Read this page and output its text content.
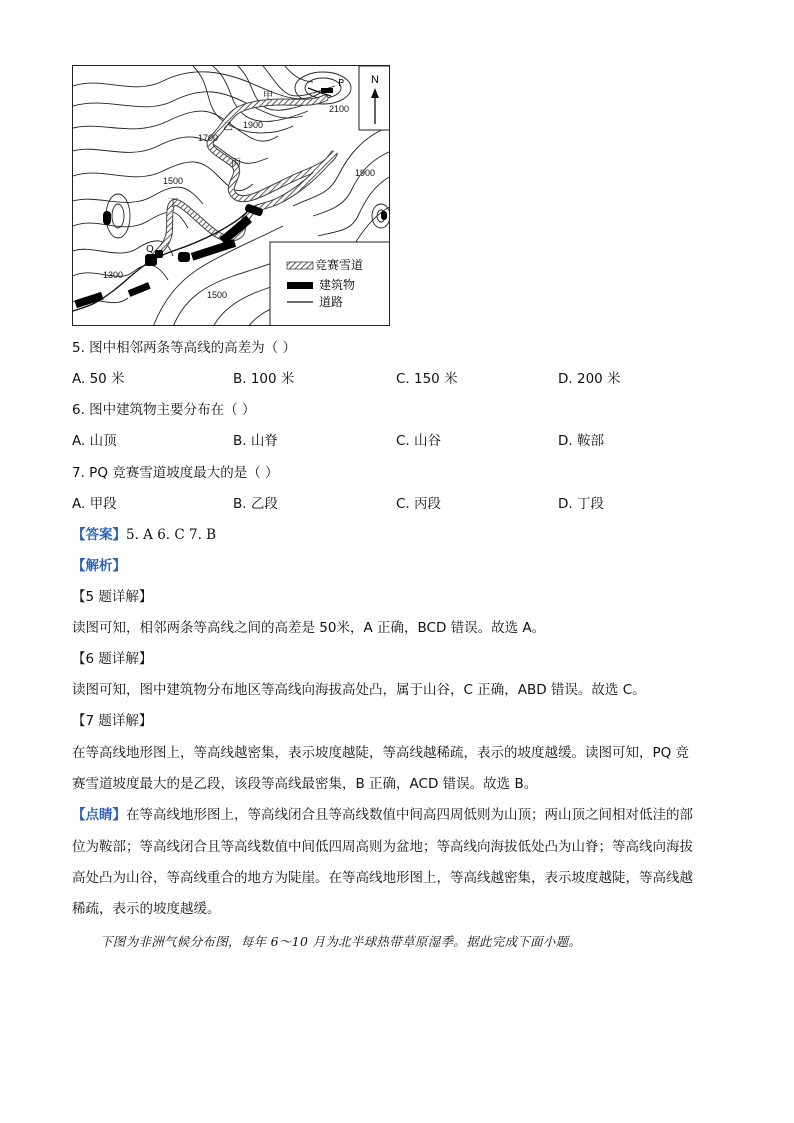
N
竞赛雪道
建筑物
道路
甲
乙
丙
丁
P
Q
2100
1900
1700
1900
1500
1300
1500
5. 图中相邻两条等高线的高差为（ ）
A. 50 米	B. 100 米	C. 150 米	D. 200 米
6. 图中建筑物主要分布在（ ）
A. 山顶	B. 山脊	C. 山谷	D. 鞍部
7. PQ 竞赛雪道坡度最大的是（ ）
A. 甲段	B. 乙段	C. 丙段	D. 丁段
【答案】5. A 6. C 7. B
【解析】
【5 题详解】
读图可知，相邻两条等高线之间的高差是 50米，A 正确，BCD 错误。故选 A。
【6 题详解】
读图可知，图中建筑物分布地区等高线向海拔高处凸，属于山谷，C 正确，ABD 错误。故选 C。
【7 题详解】
在等高线地形图上，等高线越密集，表示坡度越陡，等高线越稀疏，表示的坡度越缓。读图可知，PQ 竞
赛雪道坡度最大的是乙段，该段等高线最密集，B 正确，ACD 错误。故选 B。
【点睛】在等高线地形图上，等高线闭合且等高线数值中间高四周低则为山顶；两山顶之间相对低洼的部
位为鞍部；等高线闭合且等高线数值中间低四周高则为盆地；等高线向海拔低处凸为山脊；等高线向海拔
高处凸为山谷，等高线重合的地方为陡崖。在等高线地形图上，等高线越密集，表示坡度越陡，等高线越
稀疏，表示的坡度越缓。
下图为非洲气候分布图，每年 6～10 月为北半球热带草原湿季。据此完成下面小题。
